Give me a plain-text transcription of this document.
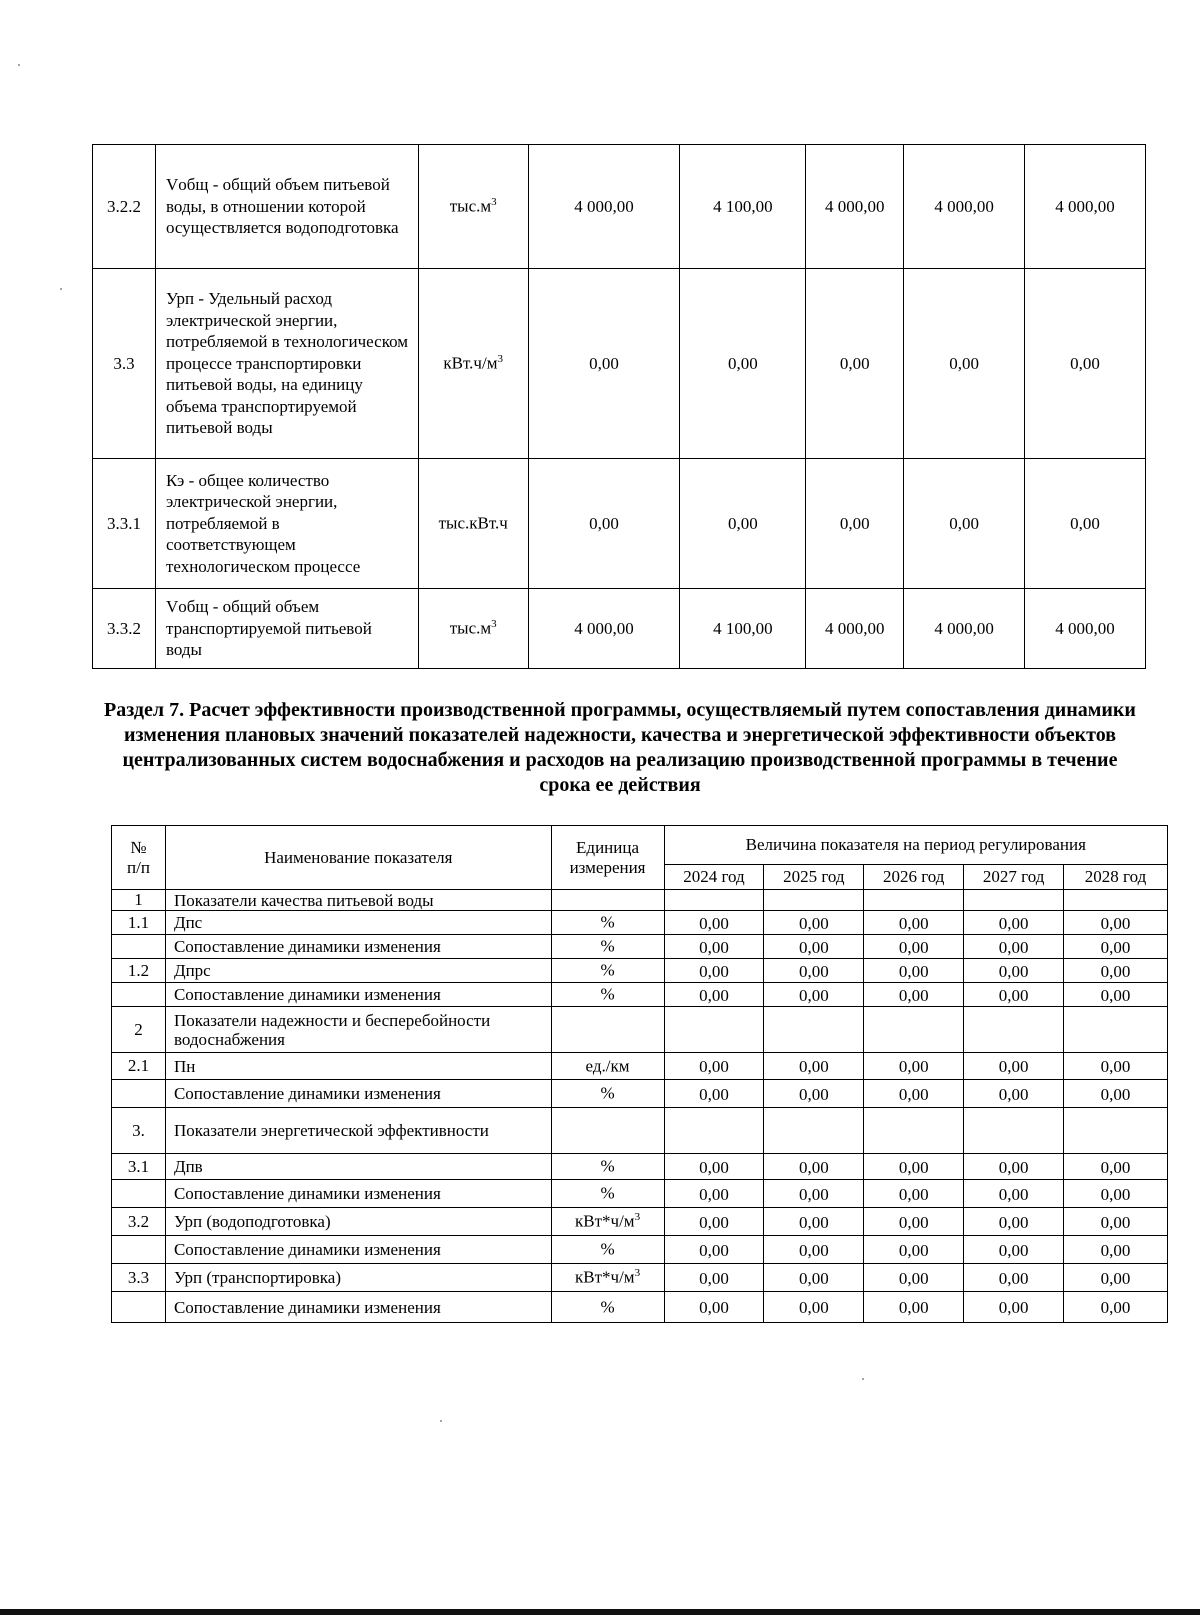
3.2.2	Vобщ - общий объем питьевой воды, в отношении которой осуществляется водоподготовка	$тыс.м^3$	4 000,00	4 100,00	4 000,00	4 000,00	4 000,00
3.3	Урп - Удельный расход электрической энергии, потребляемой в технологическом процессе транспортировки питьевой воды, на единицу объема транспортируемой питьевой воды	$кВт.ч/м^3$	0,00	0,00	0,00	0,00	0,00
3.3.1	Кэ - общее количество электрической энергии, потребляемой в соответствующем технологическом процессе	тыс.кВт.ч	0,00	0,00	0,00	0,00	0,00
3.3.2	Vобщ - общий объем транспортируемой питьевой воды	$тыс.м^3$	4 000,00	4 100,00	4 000,00	4 000,00	4 000,00

Раздел 7. Расчет эффективности производственной программы, осуществляемый путем сопоставления динамики изменения плановых значений показателей надежности, качества и энергетической эффективности объектов централизованных систем водоснабжения и расходов на реализацию производственной программы в течение срока ее действия

№ п/п	Наименование показателя	Единица измерения	Величина показателя на период регулирования				
			2024 год	2025 год	2026 год	2027 год	2028 год
1	Показатели качества питьевой воды						
1.1	Дпс	%	0,00	0,00	0,00	0,00	0,00
	Сопоставление динамики изменения	%	0,00	0,00	0,00	0,00	0,00
1.2	Дпрс	%	0,00	0,00	0,00	0,00	0,00
	Сопоставление динамики изменения	%	0,00	0,00	0,00	0,00	0,00
2	Показатели надежности и бесперебойности водоснабжения						
2.1	Пн	ед./км	0,00	0,00	0,00	0,00	0,00
	Сопоставление динамики изменения	%	0,00	0,00	0,00	0,00	0,00
3.	Показатели энергетической эффективности						
3.1	Дпв	%	0,00	0,00	0,00	0,00	0,00
	Сопоставление динамики изменения	%	0,00	0,00	0,00	0,00	0,00
3.2	Урп (водоподготовка)	$кВт*ч/м^3$	0,00	0,00	0,00	0,00	0,00
	Сопоставление динамики изменения	%	0,00	0,00	0,00	0,00	0,00
3.3	Урп (транспортировка)	$кВт*ч/м^3$	0,00	0,00	0,00	0,00	0,00
	Сопоставление динамики изменения	%	0,00	0,00	0,00	0,00	0,00
